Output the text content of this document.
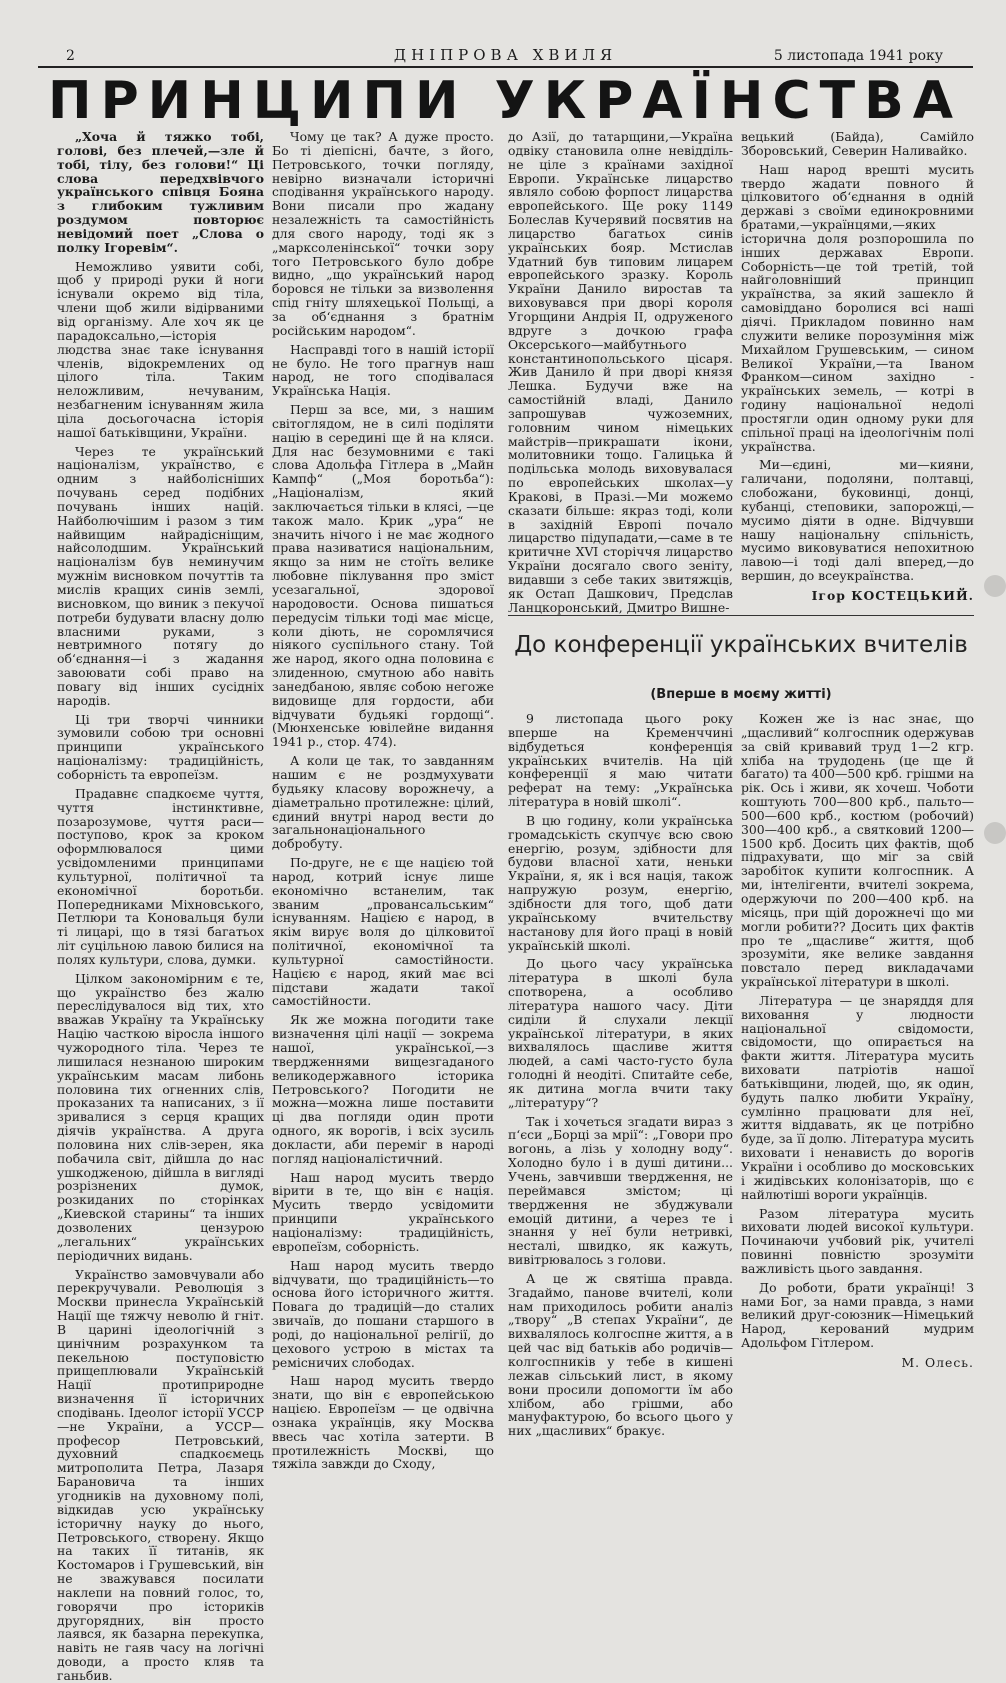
2	ДНІПРОВА ХВИЛЯ	5 листопада 1941 року
ПРИНЦИПИ УКРАЇНСТВА

„Хоча й тяжко тобі, голові, без плечей,—зле й тобі, тілу, без голови!“ Ці слова передхвівчого українського співця Бояна з глибоким тужливим роздумом повторює невідомий поет „Слова о полку Ігоревім“.

Неможливо уявити собі, щоб у природі руки й ноги існували окремо від тіла, члени щоб жили відірваними від організму. Але хоч як це парадоксально,—історія людства знає таке існування членів, відокремлених од цілого тіла. Таким неложливим, нечуваним, незбагненим існуванням жила ціла досьогочасна історія нашої батьківщини, України.

Через те український націоналізм, українство, є одним з найболісніших почувань серед подібних почувань інших націй. Найболючішим і разом з тим найвищим найрадісніщим, найсолодшим. Український націоналізм був неминучим мужнім висновком почуттів та мислів кращих синів землі, висновком, що виник з пекучої потреби будувати власну долю власними руками, з невтримного потягу до об‘єднання—і з жадання завоювати собі право на повагу від інших сусідніх народів.

Ці три творчі чинники зумовили собою три основні принципи українського націоналізму: традиційність, соборність та европеїзм.

Прадавнє спадкоєме чуття, чуття інстинктивне, позарозумове, чуття раси—поступово, крок за кроком оформлювалося цими усвідомленими принципами культурної, політичної та економічної боротьби. Попередниками Міхновського, Петлюри та Коновальця були ті лицарі, що в тязі багатьох літ суцільною лавою билися на полях культури, слова, думки.

Цілком закономірним є те, що українство без жалю переслідувалося від тих, хто вважав Україну та Українську Націю часткою віросла іншого чужородного тіла. Через те лишилася незнаною широким українським масам либонь половина тих огненних слів, проказаних та написаних, з ії зривалися з серця кращих діячів українства. А друга половина них слів-зерен, яка побачила світ, дійшла до нас ушкодженою, дійшла в вигляді розрізнених думок, розкиданих по сторінках „Киевской старины“ та інших дозволених цензурою „легальних“ українських періодичних видань.

Українство замовчували або перекручували. Революція з Москви принесла Українській Нації ще тяжчу неволю й гніт. В царині ідеологічній з цинічним розрахунком та пекельною поступовістю прищеплювали Українській Нації протиприродне визначення її історичних сподівань. Ідеолог історії УССР—не України, а УССР—професор Петровський, духовний спадкоємець митрополита Петра, Лазаря Барановича та інших угодників на духовному полі, відкидав усю українську історичну науку до нього, Петровського, створену. Якщо на таких її титанів, як Костомаров і Грушевський, він не зважувався посилати наклепи на повний голос, то, говорячи про істориків другорядних, він просто лаявся, як базарна перекупка, навіть не гаяв часу на логічні доводи, а просто кляв та ганьбив.

Чому це так? А дуже просто. Бо ті діепісні, бачте, з його, Петровського, точки погляду, невірно визначали історичні сподівання українського народу. Вони писали про жадану незалежність та самостійність для свого народу, тоді як з „марксоленінської“ точки зору того Петровського було добре видно, „що український народ боровся не тільки за визволення спід гніту шляхецької Польщі, а за об‘єднання з братнім російським народом“.

Насправді того в нашій історії не було. Не того прагнув наш народ, не того сподівалася Українська Нація.

Перш за все, ми, з нашим світоглядом, не в силі поділяти націю в середині ще й на кляси. Для нас безумовними є такі слова Адольфа Гітлера в „Майн Кампф“ („Моя боротьба“): „Націоналізм, який заключається тільки в клясі, —це також мало. Крик „ура“ не значить нічого і не має жодного права називатися національним, якщо за ним не стоїть велике любовне піклування про зміст усезагальної, здорової народовости. Основа пишаться передусім тільки тоді має місце, коли діють, не соромлячися ніякого суспільного стану. Той же народ, якого одна половина є злиденною, смутною або навіть занедбаною, являє собою негоже видовище для гордости, аби відчувати будьякі гордощі“. (Мюнхенське ювілейне видання 1941 р., стор. 474).

А коли це так, то завданням нашим є не роздмухувати будьяку класову ворожнечу, а діаметрально протилежне: цілий, єдиний внутрі народ вести до загальнонаціонального добробуту.

По-друге, не є ще нацією той народ, котрий існує лише економічно встанелим, так званим „провансальським“ існуванням. Нацією є народ, в якім вирує воля до цілковитої політичної, економічної та культурної самостійности. Нацією є народ, який має всі підстави жадати такої самостійности.

Як же можна погодити таке визначення цілі нації — зокрема нашої, української,—з твердженнями вищезгаданого великодержавного історика Петровського? Погодити не можна—можна лише поставити ці два погляди один проти одного, як ворогів, і всіх зусиль докласти, аби переміг в народі погляд націоналістичний.

Наш народ мусить твердо вірити в те, що він є нація. Мусить твердо усвідомити принципи українського націоналізму: традиційність, европеїзм, соборність.

Наш народ мусить твердо відчувати, що традиційність—то основа його історичного життя. Повага до традицій—до сталих звичаїв, до пошани старшого в роді, до національної релігії, до цехового устрою в містах та ремісничих слободах.

Наш народ мусить твердо знати, що він є европейською нацією. Европеїзм — це одвічна ознака українців, яку Москва ввесь час хотіла затерти. В протилежність Москві, що тяжіла завжди до Сходу,

до Азії, до татарщини,—Україна одвіку становила олне невіддільне ціле з країнами західної Европи. Українське лицарство являло собою форпост лицарства европейського. Ще року 1149 Болеслав Кучерявий посвятив на лицарство багатьох синів українських бояр. Мстислав Удатний був типовим лицарем европейського зразку. Король України Данило виростав та виховувався при дворі короля Угорщини Андрія II, одруженого вдруге з дочкою графа Оксерського—майбутнього константинопольського цісаря. Жив Данило й при дворі князя Лешка. Будучи вже на самостійній владі, Данило запрошував чужоземних, головним чином німецьких майстрів—прикрашати ікони, молитовники тощо. Галицька й подільська молодь виховувалася по европейських школах—у Кракові, в Празі.—Ми можемо сказати більше: якраз тоді, коли в західній Европі почало лицарство підупадати,—саме в те критичне XVI сторіччя лицарство України досягало свого зеніту, видавши з себе таких звитяжців, як Остап Дашкович, Предслав Ланцкоронський, Дмитро Вишне-

вецький (Байда), Самійло Зборовський, Северин Наливайко.

Наш народ врешті мусить твердо жадати повного й цілковитого об‘єднання в одній державі з своїми единокровними братами,—українцями,—яких історична доля розпорошила по інших державах Европи. Соборність—це той третій, той найголовніший принцип українства, за який зашекло й самовіддано боролися всі наші діячі. Прикладом повинно нам служити велике порозуміння між Михайлом Грушевським, — сином Великої України,—та Іваном Франком—сином західно - українських земель, — котрі в годину національної недолі простягли один одному руки для спільної праці на ідеологічнім полі українства.

Ми—єдині, ми—кияни, галичани, подоляни, полтавці, слобожани, буковинці, донці, кубанці, степовики, запорожці,—мусимо діяти в одне. Відчувши нашу національну спільність, мусимо виковуватися непохитною лавою—і тоді далі вперед,—до вершин, до всеукраїнства.

Ігор КОСТЕЦЬКИЙ.
До конференції українських вчителів
(Вперше в моєму житті)

9 листопада цього року вперше на Кременччині відбудеться конференція українських вчителів. На цій конференції я маю читати реферат на тему: „Українська література в новій школі“.

В цю годину, коли українська громадськість скупчує всю свою енергію, розум, здібности для будови власної хати, неньки України, я, як і вся нація, також напружую розум, енергію, здібности для того, щоб дати українському вчительству настанову для його праці в новій українській школі.

До цього часу українська література в школі була спотворена, а особливо література нашого часу. Діти сиділи й слухали лекції української літератури, в яких вихвалялось щасливе життя людей, а самі часто-густо була голодні й неодіті. Спитайте себе, як дитина могла вчити таку „літературу“?

Так і хочеться згадати вираз з п‘єси „Борці за мрії“: „Говори про вогонь, а лізь у холодну воду“. Холодно було і в душі дитини... Учень, завчивши твердження, не переймався змістом; ці твердження не збуджували емоцій дитини, а через те і знання у неї були нетривкі, несталі, швидко, як кажуть, вивітрювалось з голови.

А це ж святіша правда. Згадаймо, панове вчителі, коли нам приходилось робити аналіз „твору“ „В степах України“, де вихвалялось колгоспне життя, а в цей час від батьків або родичів—колгоспників у тебе в кишені лежав сільський лист, в якому вони просили допомогти їм або хлібом, або грішми, або мануфактурою, бо всього цього у них „щасливих“ бракує.

Кожен же із нас знає, що „щасливий“ колгоспник одержував за свій кривавий труд 1—2 кгр. хліба на трудодень (це ще й багато) та 400—500 крб. грішми на рік. Ось і живи, як хочеш. Чоботи коштують 700—800 крб., пальто—500—600 крб., костюм (робочий) 300—400 крб., а святковий 1200—1500 крб. Досить цих фактів, щоб підрахувати, що міг за свій заробіток купити колгоспник. А ми, інтелігенти, вчителі зокрема, одержуючи по 200—400 крб. на місяць, при щій дорожнечі що ми могли робити?? Досить цих фактів про те „щасливе“ життя, щоб зрозуміти, яке велике завдання повстало перед викладачами української літератури в школі.

Література — це знаряддя для виховання у людности національної свідомости, свідомости, що опирається на факти життя. Література мусить виховати патріотів нашої батьківщини, людей, що, як один, будуть палко любити Україну, сумлінно працювати для неї, життя віддавать, як це потрібно буде, за її долю. Література мусить виховати і ненависть до ворогів України і особливо до московських і жидівських колонізаторів, що є найлютіші вороги українців.

Разом література мусить виховати людей високої культури. Починаючи учбовий рік, учителі повинні повністю зрозуміти важливість цього завдання.

До роботи, брати українці! З нами Бог, за нами правда, з нами великий друг-союзник—Німецький Народ, керований мудрим Адольфом Гітлером.

М. Олесь.
